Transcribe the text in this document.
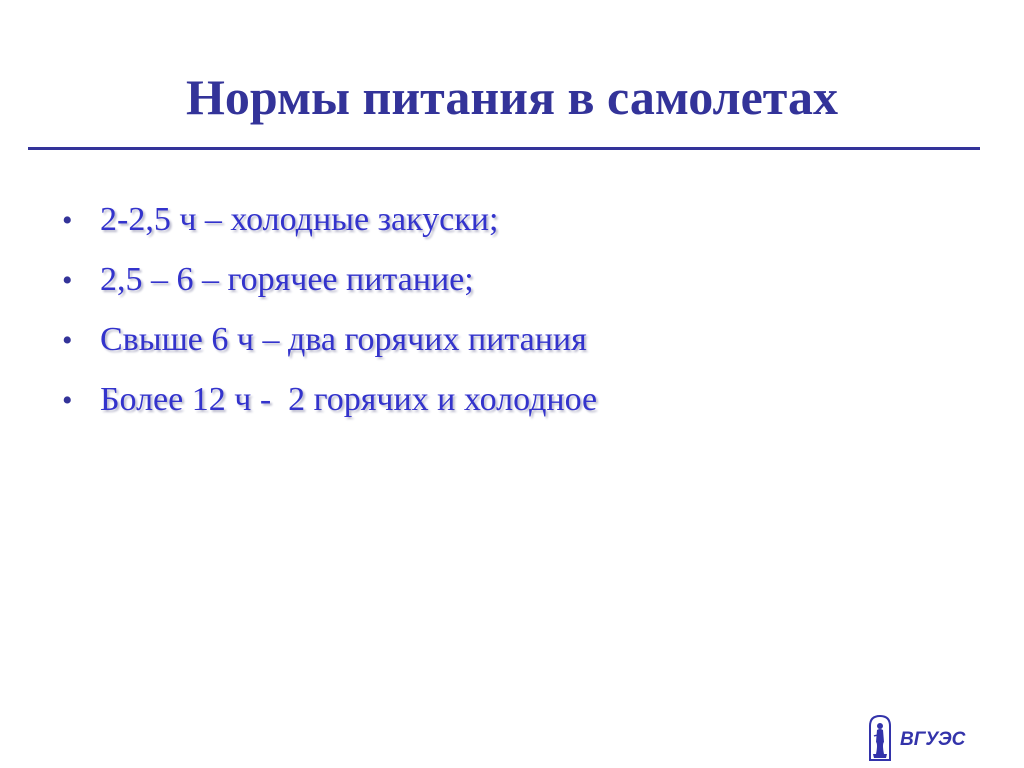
Нормы питания в самолетах
• 2-2,5 ч – холодные закуски;
• 2,5 – 6 – горячее питание;
• Свыше 6 ч – два горячих питания
• Более 12 ч -  2 горячих и холодное
ВГУЭС
